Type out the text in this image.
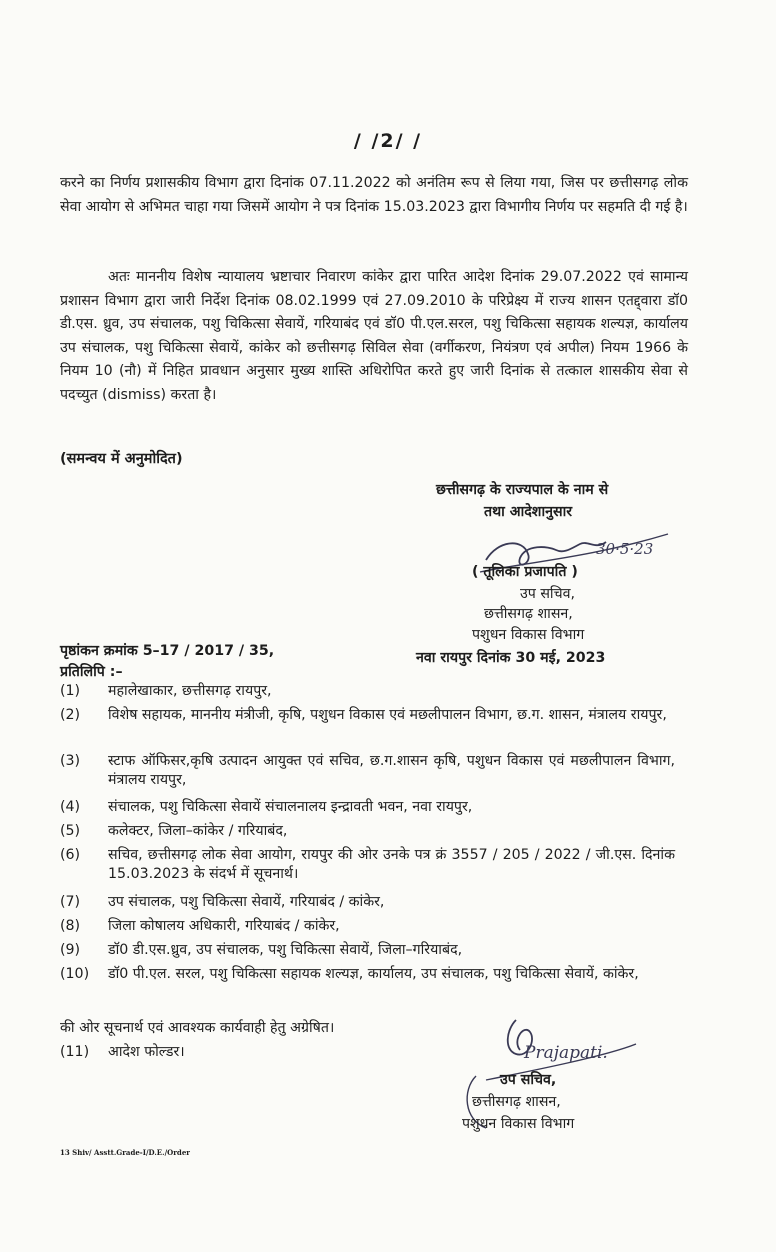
/ /2/ /
करने का निर्णय प्रशासकीय विभाग द्वारा दिनांक 07.11.2022 को अनंतिम रूप से लिया गया, जिस पर छत्तीसगढ़ लोक सेवा आयोग से अभिमत चाहा गया जिसमें आयोग ने पत्र दिनांक 15.03.2023 द्वारा विभागीय निर्णय पर सहमति दी गई है।
अतः माननीय विशेष न्यायालय भ्रष्टाचार निवारण कांकेर द्वारा पारित आदेश दिनांक 29.07.2022 एवं सामान्य प्रशासन विभाग द्वारा जारी निर्देश दिनांक 08.02.1999 एवं 27.09.2010 के परिप्रेक्ष्य में राज्य शासन एतद्द्वारा डॉ0 डी.एस. ध्रुव, उप संचालक, पशु चिकित्सा सेवायें, गरियाबंद एवं डॉ0 पी.एल.सरल, पशु चिकित्सा सहायक शल्यज्ञ, कार्यालय उप संचालक, पशु चिकित्सा सेवायें, कांकेर को छत्तीसगढ़ सिविल सेवा (वर्गीकरण, नियंत्रण एवं अपील) नियम 1966 के नियम 10 (नौ) में निहित प्रावधान अनुसार मुख्य शास्ति अधिरोपित करते हुए जारी दिनांक से तत्काल शासकीय सेवा से पदच्युत (dismiss) करता है।
(समन्वय में अनुमोदित)
छत्तीसगढ़ के राज्यपाल के नाम से
तथा आदेशानुसार
30·5·23
( तूलिका प्रजापति )
उप सचिव,
छत्तीसगढ़ शासन,
पशुधन विकास विभाग
पृष्ठांकन क्रमांक 5–17 / 2017 / 35,	नवा रायपुर दिनांक 30 मई, 2023
प्रतिलिपि :–
(1)	महालेखाकार, छत्तीसगढ़ रायपुर,
(2)	विशेष सहायक, माननीय मंत्रीजी, कृषि, पशुधन विकास एवं मछलीपालन विभाग, छ.ग. शासन, मंत्रालय रायपुर,
(3)	स्टाफ ऑफिसर,कृषि उत्पादन आयुक्त एवं सचिव, छ.ग.शासन कृषि, पशुधन विकास एवं मछलीपालन विभाग, मंत्रालय रायपुर,
(4)	संचालक, पशु चिकित्सा सेवायें संचालनालय इन्द्रावती भवन, नवा रायपुर,
(5)	कलेक्टर, जिला–कांकेर / गरियाबंद,
(6)	सचिव, छत्तीसगढ़ लोक सेवा आयोग, रायपुर की ओर उनके पत्र क्रं 3557 / 205 / 2022 / जी.एस. दिनांक 15.03.2023 के संदर्भ में सूचनार्थ।
(7)	उप संचालक, पशु चिकित्सा सेवायें, गरियाबंद / कांकेर,
(8)	जिला कोषालय अधिकारी, गरियाबंद / कांकेर,
(9)	डॉ0 डी.एस.ध्रुव, उप संचालक, पशु चिकित्सा सेवायें, जिला–गरियाबंद,
(10)	डॉ0 पी.एल. सरल, पशु चिकित्सा सहायक शल्यज्ञ, कार्यालय, उप संचालक, पशु चिकित्सा सेवायें, कांकेर,
की ओर सूचनार्थ एवं आवश्यक कार्यवाही हेतु अग्रेषित।
(11) आदेश फोल्डर।	Prajapati.
उप सचिव,
छत्तीसगढ़ शासन,
पशुधन विकास विभाग
13 Shiv/ Asstt.Grade-I/D.E./Order
